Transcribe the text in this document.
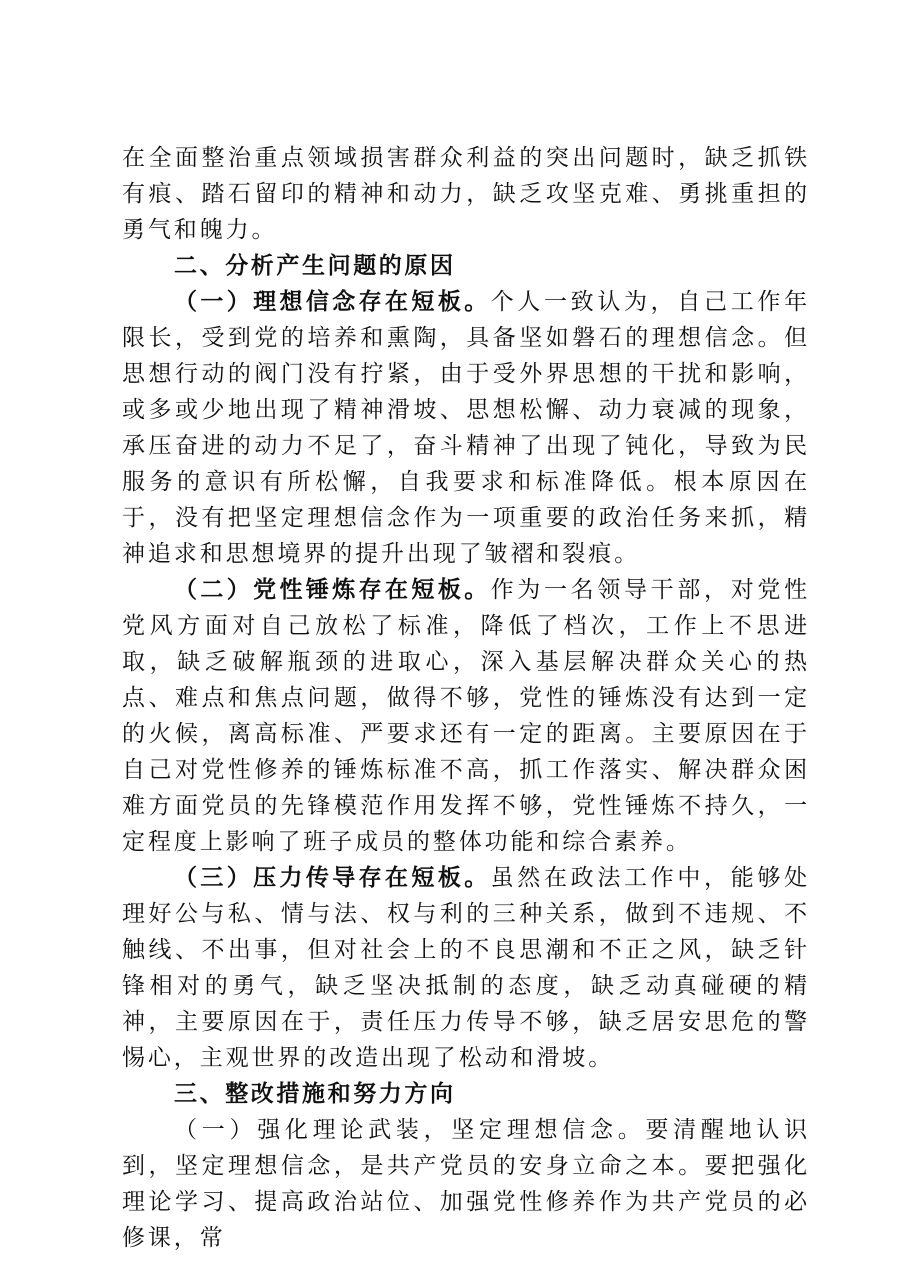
在全面整治重点领域损害群众利益的突出问题时，缺乏抓铁有痕、踏石留印的精神和动力，缺乏攻坚克难、勇挑重担的勇气和魄力。

二、分析产生问题的原因

（一）理想信念存在短板。个人一致认为，自己工作年限长，受到党的培养和熏陶，具备坚如磐石的理想信念。但思想行动的阀门没有拧紧，由于受外界思想的干扰和影响，或多或少地出现了精神滑坡、思想松懈、动力衰减的现象，承压奋进的动力不足了，奋斗精神了出现了钝化，导致为民服务的意识有所松懈，自我要求和标准降低。根本原因在于，没有把坚定理想信念作为一项重要的政治任务来抓，精神追求和思想境界的提升出现了皱褶和裂痕。

（二）党性锤炼存在短板。作为一名领导干部，对党性党风方面对自己放松了标准，降低了档次，工作上不思进取，缺乏破解瓶颈的进取心，深入基层解决群众关心的热点、难点和焦点问题，做得不够，党性的锤炼没有达到一定的火候，离高标准、严要求还有一定的距离。主要原因在于自己对党性修养的锤炼标准不高，抓工作落实、解决群众困难方面党员的先锋模范作用发挥不够，党性锤炼不持久，一定程度上影响了班子成员的整体功能和综合素养。

（三）压力传导存在短板。虽然在政法工作中，能够处理好公与私、情与法、权与利的三种关系，做到不违规、不触线、不出事，但对社会上的不良思潮和不正之风，缺乏针锋相对的勇气，缺乏坚决抵制的态度，缺乏动真碰硬的精神，主要原因在于，责任压力传导不够，缺乏居安思危的警惕心，主观世界的改造出现了松动和滑坡。

三、整改措施和努力方向

（一）强化理论武装，坚定理想信念。要清醒地认识到，坚定理想信念，是共产党员的安身立命之本。要把强化理论学习、提高政治站位、加强党性修养作为共产党员的必修课，常
